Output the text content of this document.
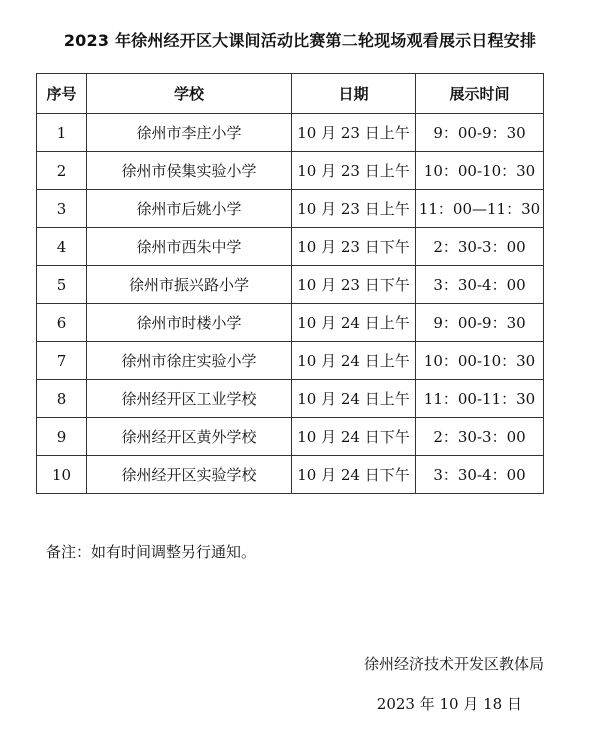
2023 年徐州经开区大课间活动比赛第二轮现场观看展示日程安排
序号	学校	日期	展示时间
1	徐州市李庄小学	10 月 23 日上午	9：00-9：30
2	徐州市侯集实验小学	10 月 23 日上午	10：00-10：30
3	徐州市后姚小学	10 月 23 日上午	11：00—11：30
4	徐州市西朱中学	10 月 23 日下午	2：30-3：00
5	徐州市振兴路小学	10 月 23 日下午	3：30-4：00
6	徐州市时楼小学	10 月 24 日上午	9：00-9：30
7	徐州市徐庄实验小学	10 月 24 日上午	10：00-10：30
8	徐州经开区工业学校	10 月 24 日上午	11：00-11：30
9	徐州经开区黄外学校	10 月 24 日下午	2：30-3：00
10	徐州经开区实验学校	10 月 24 日下午	3：30-4：00
备注：如有时间调整另行通知。
徐州经济技术开发区教体局
2023 年 10 月 18 日
